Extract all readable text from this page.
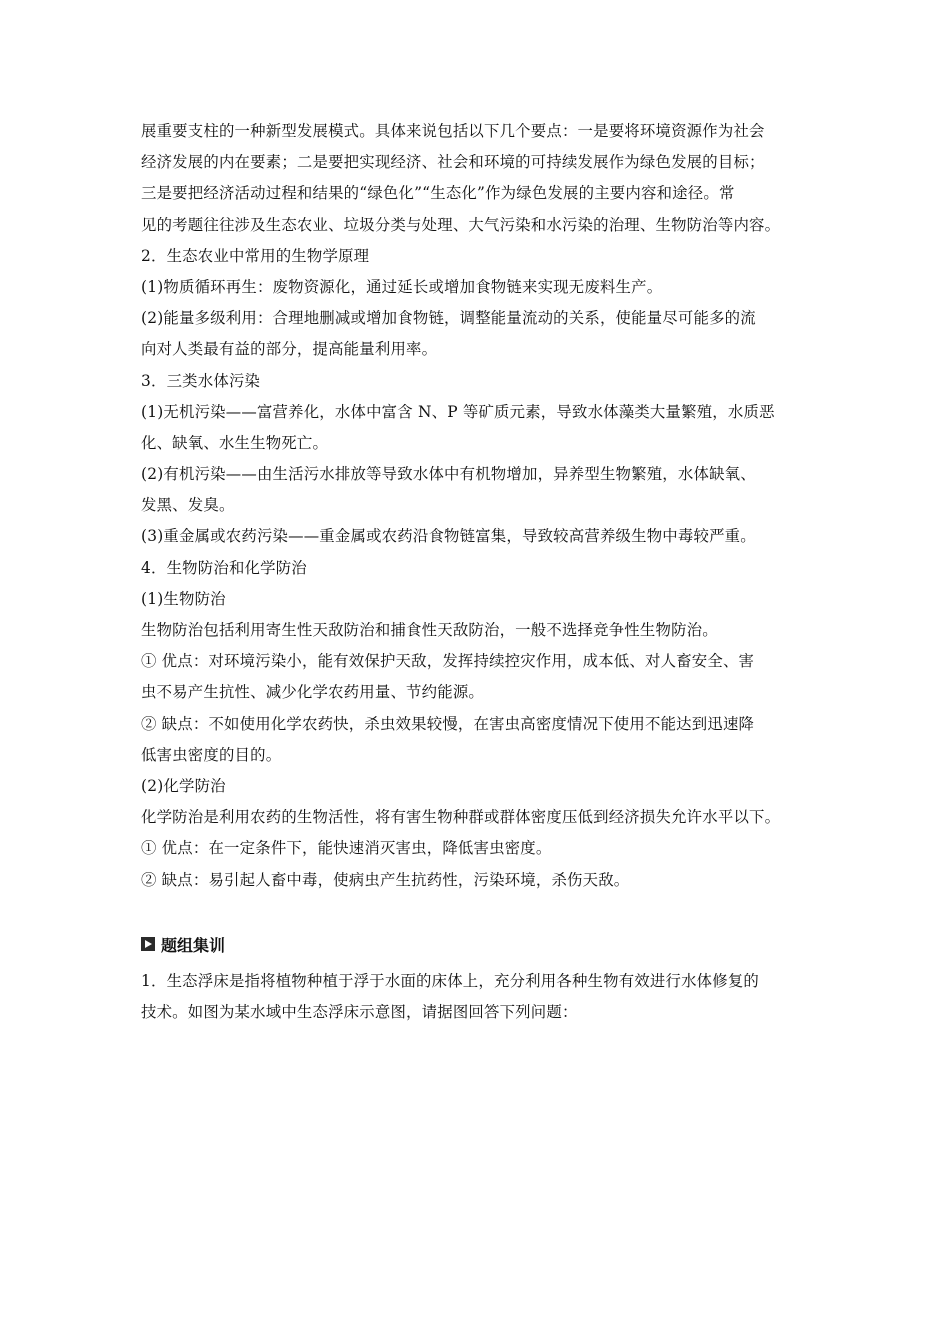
展重要支柱的一种新型发展模式。具体来说包括以下几个要点：一是要将环境资源作为社会
经济发展的内在要素；二是要把实现经济、社会和环境的可持续发展作为绿色发展的目标；
三是要把经济活动过程和结果的“绿色化”“生态化”作为绿色发展的主要内容和途径。常
见的考题往往涉及生态农业、垃圾分类与处理、大气污染和水污染的治理、生物防治等内容。
2．生态农业中常用的生物学原理
(1)物质循环再生：废物资源化，通过延长或增加食物链来实现无废料生产。
(2)能量多级利用：合理地删减或增加食物链，调整能量流动的关系，使能量尽可能多的流
向对人类最有益的部分，提高能量利用率。
3．三类水体污染
(1)无机污染——富营养化，水体中富含 N、P 等矿质元素，导致水体藻类大量繁殖，水质恶
化、缺氧、水生生物死亡。
(2)有机污染——由生活污水排放等导致水体中有机物增加，异养型生物繁殖，水体缺氧、
发黑、发臭。
(3)重金属或农药污染——重金属或农药沿食物链富集，导致较高营养级生物中毒较严重。
4．生物防治和化学防治
(1)生物防治
生物防治包括利用寄生性天敌防治和捕食性天敌防治，一般不选择竞争性生物防治。
① 优点：对环境污染小，能有效保护天敌，发挥持续控灾作用，成本低、对人畜安全、害
虫不易产生抗性、减少化学农药用量、节约能源。
② 缺点：不如使用化学农药快，杀虫效果较慢，在害虫高密度情况下使用不能达到迅速降
低害虫密度的目的。
(2)化学防治
化学防治是利用农药的生物活性，将有害生物种群或群体密度压低到经济损失允许水平以下。
① 优点：在一定条件下，能快速消灭害虫，降低害虫密度。
② 缺点：易引起人畜中毒，使病虫产生抗药性，污染环境，杀伤天敌。
题组集训
1．生态浮床是指将植物种植于浮于水面的床体上，充分利用各种生物有效进行水体修复的
技术。如图为某水域中生态浮床示意图，请据图回答下列问题：
